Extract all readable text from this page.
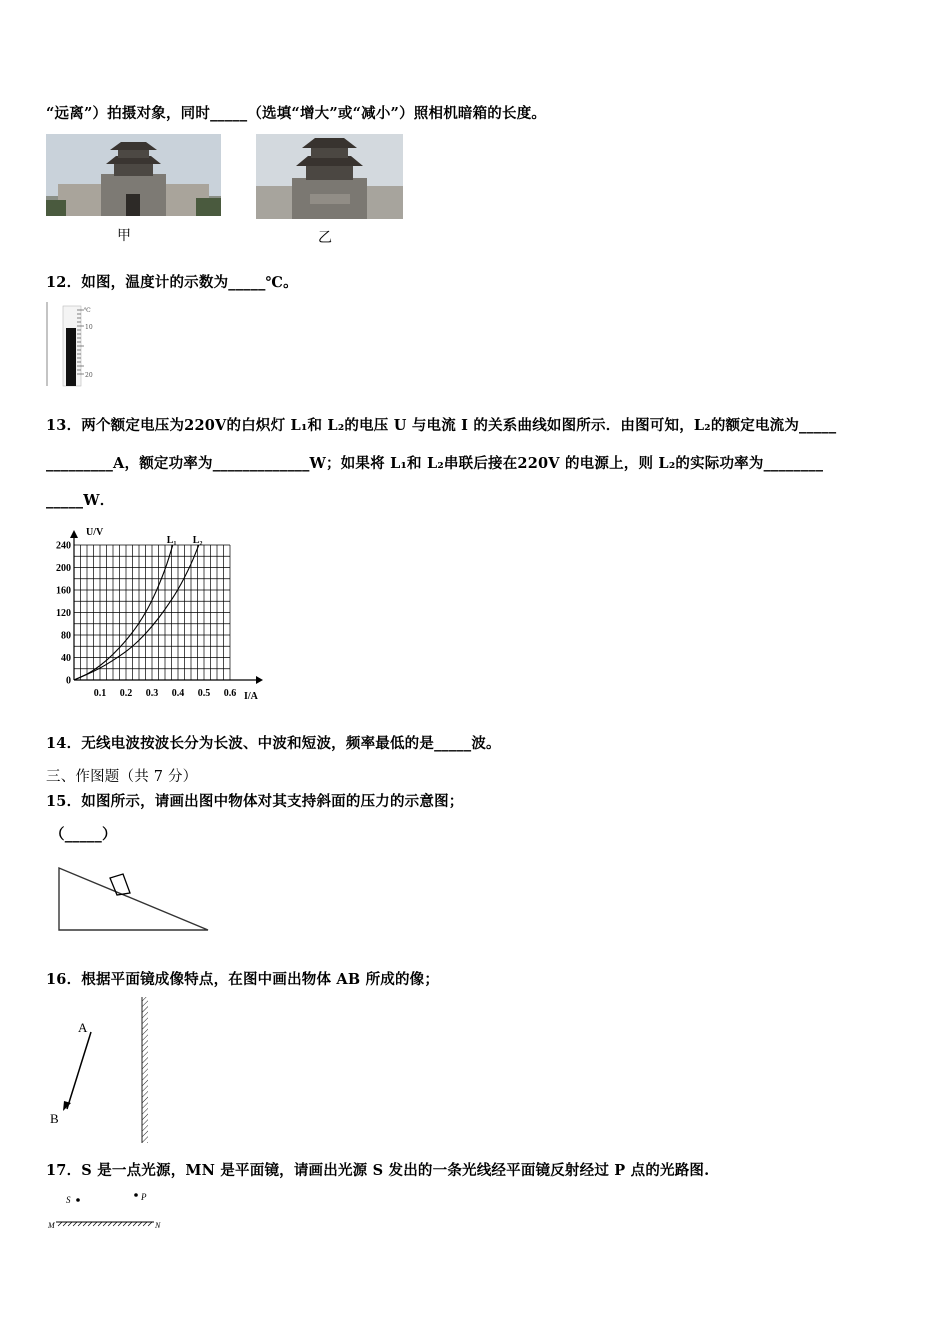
“远离”）拍摄对象，同时_____（选填“增大”或“减小”）照相机暗箱的长度。
甲	乙
12．如图，温度计的示数为_____℃。
℃
10
20
13．两个额定电压为220V的白炽灯 L₁和 L₂的电压 U 与电流 I 的关系曲线如图所示．由图可知，L₂的额定电流为_____
_________A，额定功率为_____________W；如果将 L₁和 L₂串联后接在220V 的电源上，则 L₂的实际功率为________
_____W．
0.1 0.2 0.3 0.4 0.5 0.6
0
40
80
120
160
200
240	L₁ L₂
U/V
I/A
14．无线电波按波长分为长波、中波和短波，频率最低的是_____波。
三、作图题（共 7 分）
15．如图所示，请画出图中物体对其支持斜面的压力的示意图；
（_____）
16．根据平面镜成像特点，在图中画出物体 AB 所成的像；
A
B
17．S 是一点光源，MN 是平面镜，请画出光源 S 发出的一条光线经平面镜反射经过 P 点的光路图.
S	P
M	N
